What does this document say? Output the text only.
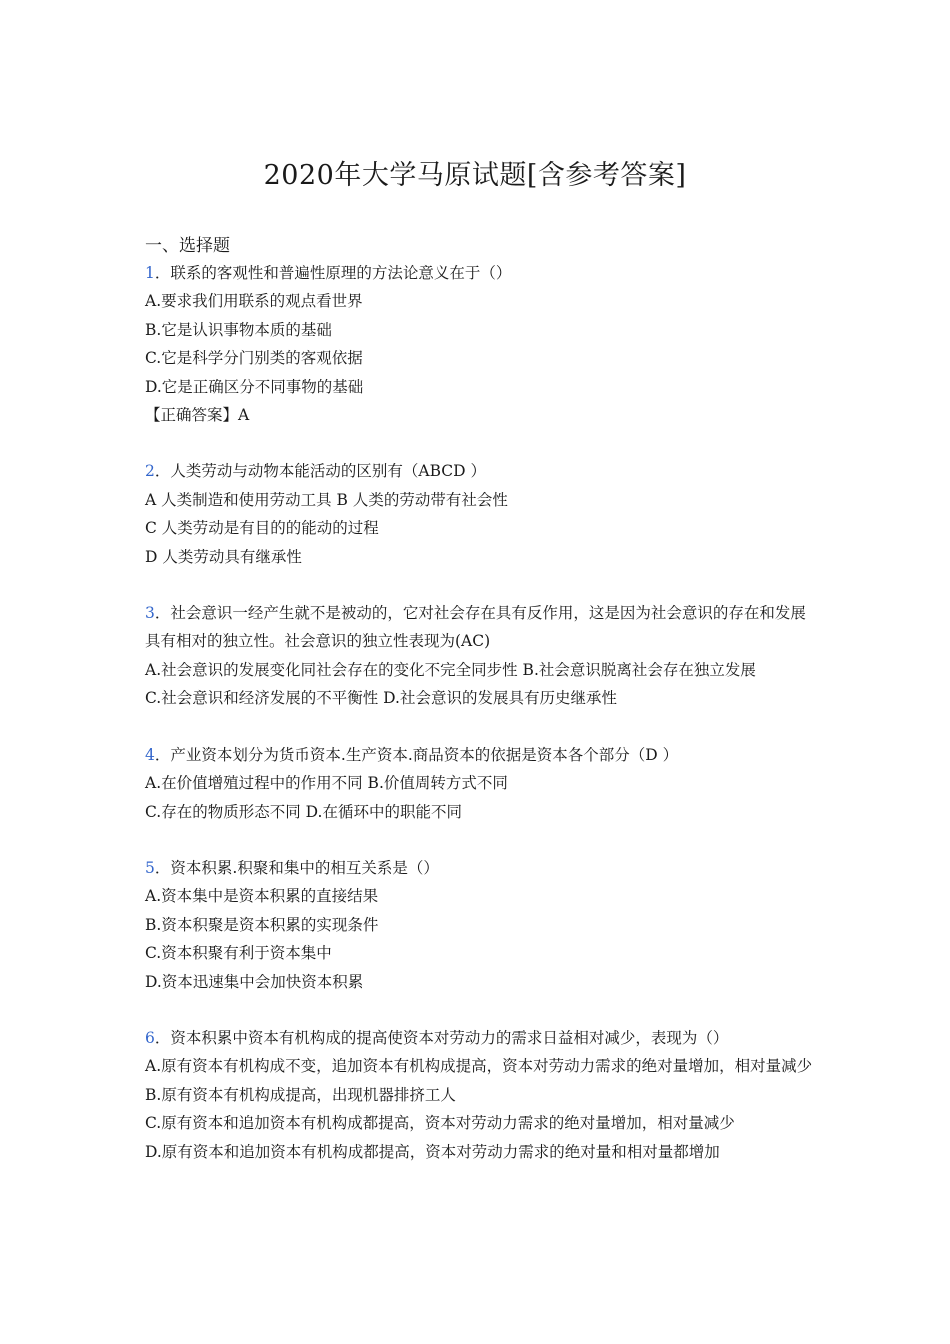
2020年大学马原试题[含参考答案]

一、选择题

1．联系的客观性和普遍性原理的方法论意义在于（）

A.要求我们用联系的观点看世界

B.它是认识事物本质的基础

C.它是科学分门别类的客观依据

D.它是正确区分不同事物的基础

【正确答案】A

2．人类劳动与动物本能活动的区别有（ABCD ）

A 人类制造和使用劳动工具 B 人类的劳动带有社会性

C 人类劳动是有目的的能动的过程

D 人类劳动具有继承性

3．社会意识一经产生就不是被动的，它对社会存在具有反作用，这是因为社会意识的存在和发展具有相对的独立性。社会意识的独立性表现为(AC)

A.社会意识的发展变化同社会存在的变化不完全同步性 B.社会意识脱离社会存在独立发展

C.社会意识和经济发展的不平衡性 D.社会意识的发展具有历史继承性

4．产业资本划分为货币资本.生产资本.商品资本的依据是资本各个部分（D ）

A.在价值增殖过程中的作用不同 B.价值周转方式不同

C.存在的物质形态不同 D.在循环中的职能不同

5．资本积累.积聚和集中的相互关系是（）

A.资本集中是资本积累的直接结果

B.资本积聚是资本积累的实现条件

C.资本积聚有利于资本集中

D.资本迅速集中会加快资本积累

6．资本积累中资本有机构成的提高使资本对劳动力的需求日益相对减少，表现为（）

A.原有资本有机构成不变，追加资本有机构成提高，资本对劳动力需求的绝对量增加，相对量减少

B.原有资本有机构成提高，出现机器排挤工人

C.原有资本和追加资本有机构成都提高，资本对劳动力需求的绝对量增加，相对量减少

D.原有资本和追加资本有机构成都提高，资本对劳动力需求的绝对量和相对量都增加
